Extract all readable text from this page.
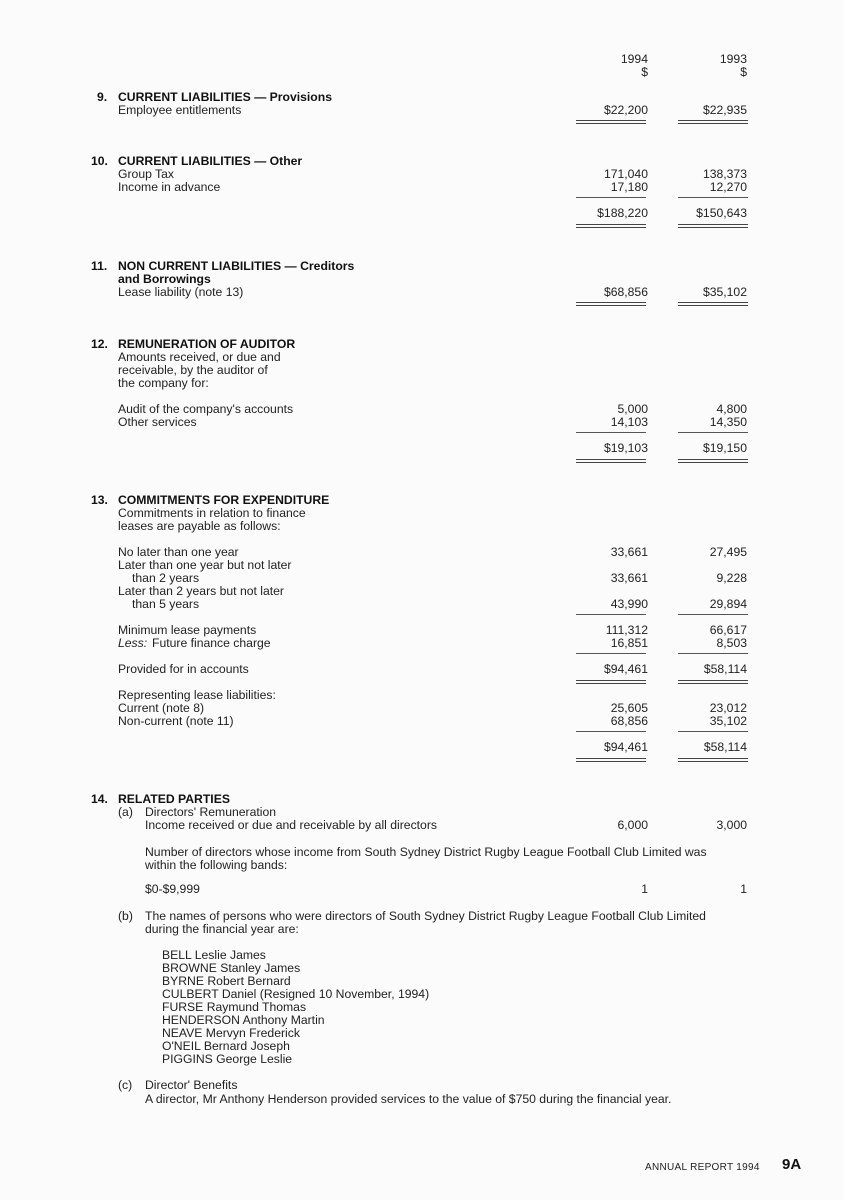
1994	1993
$	$
9. CURRENT LIABILITIES — Provisions
Employee entitlements	$22,200	$22,935
10. CURRENT LIABILITIES — Other
Group Tax	171,040	138,373
Income in advance	17,180	12,270
$188,220	$150,643
11. NON CURRENT LIABILITIES — Creditors
and Borrowings
Lease liability (note 13)	$68,856	$35,102
12. REMUNERATION OF AUDITOR
Amounts received, or due and
receivable, by the auditor of
the company for:
Audit of the company's accounts	5,000	4,800
Other services	14,103	14,350
$19,103	$19,150
13. COMMITMENTS FOR EXPENDITURE
Commitments in relation to finance
leases are payable as follows:
No later than one year	33,661	27,495
Later than one year but not later
than 2 years	33,661	9,228
Later than 2 years but not later
than 5 years	43,990	29,894
Minimum lease payments	111,312	66,617
Less: Future finance charge	16,851	8,503
Provided for in accounts	$94,461	$58,114
Representing lease liabilities:
Current (note 8)	25,605	23,012
Non-current (note 11)	68,856	35,102
$94,461	$58,114
14. RELATED PARTIES
(a) Directors' Remuneration
Income received or due and receivable by all directors	6,000	3,000
Number of directors whose income from South Sydney District Rugby League Football Club Limited was
within the following bands:
$0-$9,999	1	1
(b) The names of persons who were directors of South Sydney District Rugby League Football Club Limited
during the financial year are:
BELL Leslie James
BROWNE Stanley James
BYRNE Robert Bernard
CULBERT Daniel (Resigned 10 November, 1994)
FURSE Raymund Thomas
HENDERSON Anthony Martin
NEAVE Mervyn Frederick
O'NEIL Bernard Joseph
PIGGINS George Leslie
(c) Director' Benefits
A director, Mr Anthony Henderson provided services to the value of $750 during the financial year.
ANNUAL REPORT 1994 9A
